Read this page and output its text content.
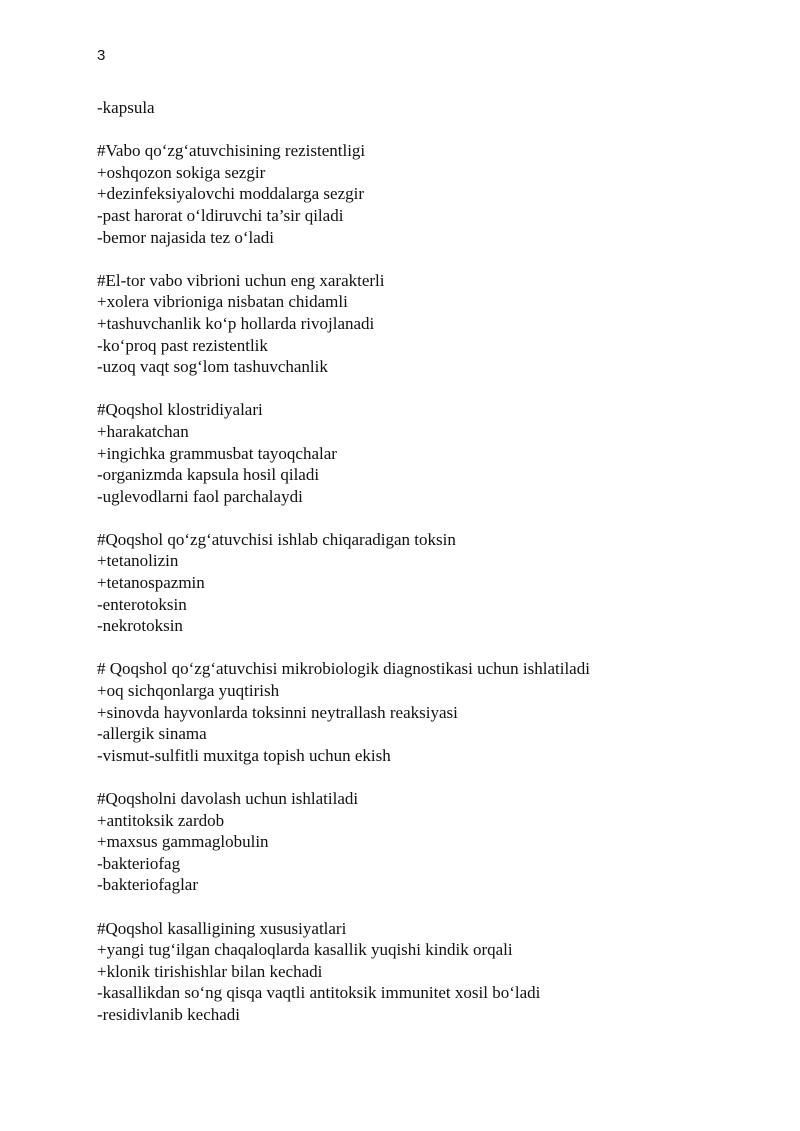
3
-kapsula
#Vabo qo‘zg‘atuvchisining rezistentligi
+oshqozon sokiga sezgir
+dezinfeksiyalovchi moddalarga sezgir
-past harorat o‘ldiruvchi ta’sir qiladi
-bemor najasida tez o‘ladi
#El-tor vabo vibrioni uchun eng xarakterli
+xolera vibrioniga nisbatan chidamli
+tashuvchanlik ko‘p hollarda rivojlanadi
-ko‘proq past rezistentlik
-uzoq vaqt sog‘lom tashuvchanlik
#Qoqshol klostridiyalari
+harakatchan
+ingichka grammusbat tayoqchalar
-organizmda kapsula hosil qiladi
-uglevodlarni faol parchalaydi
#Qoqshol qo‘zg‘atuvchisi ishlab chiqaradigan toksin
+tetanolizin
+tetanospazmin
-enterotoksin
-nekrotoksin
# Qoqshol qo‘zg‘atuvchisi mikrobiologik diagnostikasi uchun ishlatiladi
+oq sichqonlarga yuqtirish
+sinovda hayvonlarda toksinni neytrallash reaksiyasi
-allergik sinama
-vismut-sulfitli muxitga topish uchun ekish
#Qoqsholni davolash uchun ishlatiladi
+antitoksik zardob
+maxsus gammaglobulin
-bakteriofag
-bakteriofaglar
#Qoqshol kasalligining xususiyatlari
+yangi tug‘ilgan chaqaloqlarda kasallik yuqishi kindik orqali
+klonik tirishishlar bilan kechadi
-kasallikdan so‘ng qisqa vaqtli antitoksik immunitet xosil bo‘ladi
-residivlanib kechadi
